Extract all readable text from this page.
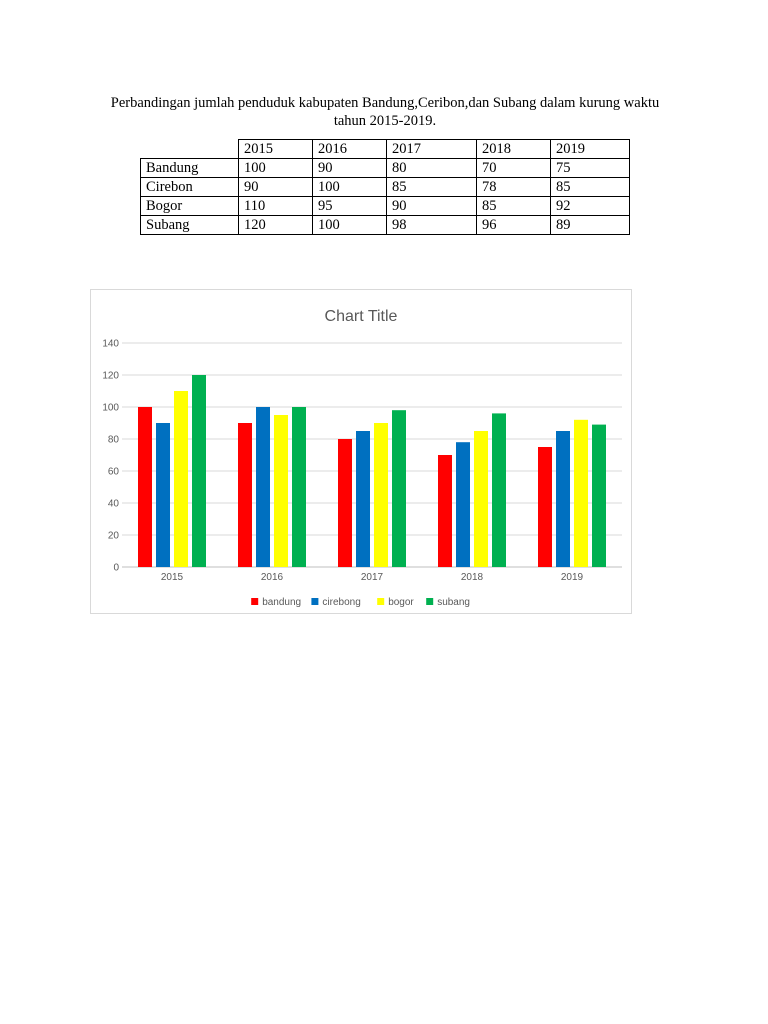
Perbandingan jumlah penduduk kabupaten Bandung,Ceribon,dan Subang dalam kurung waktu
tahun 2015-2019.
	2015	2016	2017	2018	2019
Bandung	100	90	80	70	75
Cirebon	90	100	85	78	85
Bogor	110	95	90	85	92
Subang	120	100	98	96	89
Chart Title
0
20
40
60
80
100
120
140
2015	2016	2017	2018	2019
bandung cirebong	bogor subang
